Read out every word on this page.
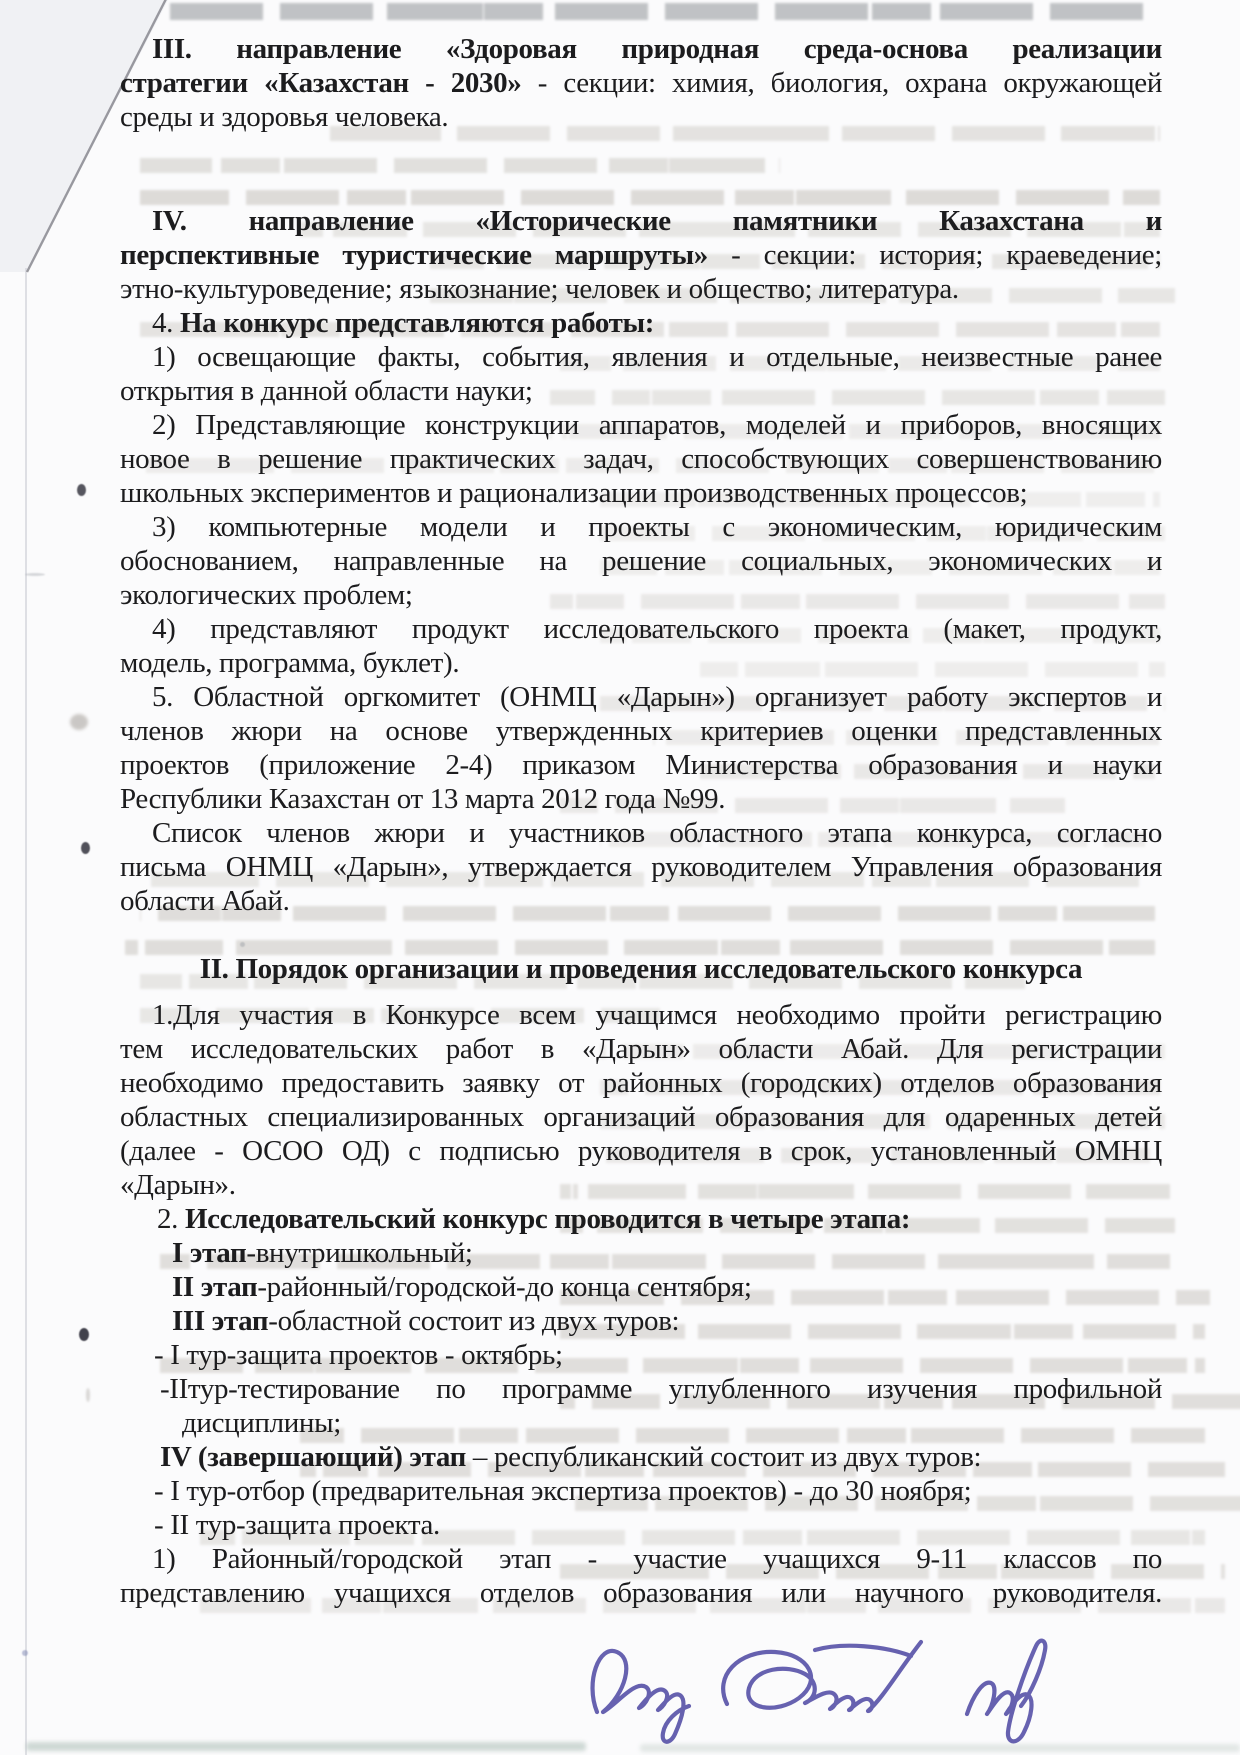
III. направление «Здоровая природная среда-основа реализации
стратегии «Казахстан - 2030» - секции: химия, биология, охрана окружающей
среды и здоровья человека.
IV. направление «Исторические памятники Казахстана и
перспективные туристические маршруты» - секции: история; краеведение;
этно-культуроведение; языкознание; человек и общество; литература.
4. На конкурс представляются работы:
1) освещающие факты, события, явления и отдельные, неизвестные ранее
открытия в данной области науки;
2) Представляющие конструкции аппаратов, моделей и приборов, вносящих
новое в решение практических задач, способствующих совершенствованию
школьных экспериментов и рационализации производственных процессов;
3) компьютерные модели и проекты с экономическим, юридическим
обоснованием, направленные на решение социальных, экономических и
экологических проблем;
4) представляют продукт исследовательского проекта (макет, продукт,
модель, программа, буклет).
5. Областной оргкомитет (ОНМЦ «Дарын») организует работу экспертов и
членов жюри на основе утвержденных критериев оценки представленных
проектов (приложение 2-4) приказом Министерства образования и науки
Республики Казахстан от 13 марта 2012 года №99.
Список членов жюри и участников областного этапа конкурса, согласно
письма ОНМЦ «Дарын», утверждается руководителем Управления образования
области Абай.
II. Порядок организации и проведения исследовательского конкурса
1.Для участия в Конкурсе всем учащимся необходимо пройти регистрацию
тем исследовательских работ в «Дарын» области Абай. Для регистрации
необходимо предоставить заявку от районных (городских) отделов образования
областных специализированных организаций образования для одаренных детей
(далее - ОСОО ОД) с подписью руководителя в срок, установленный ОМНЦ
«Дарын».
2. Исследовательский конкурс проводится в четыре этапа:
I этап-внутришкольный;
II этап-районный/городской-до конца сентября;
III этап-областной состоит из двух туров:
- I тур-защита проектов - октябрь;
-IIтур-тестирование по программе углубленного изучения профильной
дисциплины;
IV (завершающий) этап – республиканский состоит из двух туров:
- I тур-отбор (предварительная экспертиза проектов) - до 30 ноября;
- II тур-защита проекта.
1) Районный/городской этап - участие учащихся 9-11 классов по
представлению учащихся отделов образования или научного руководителя.
